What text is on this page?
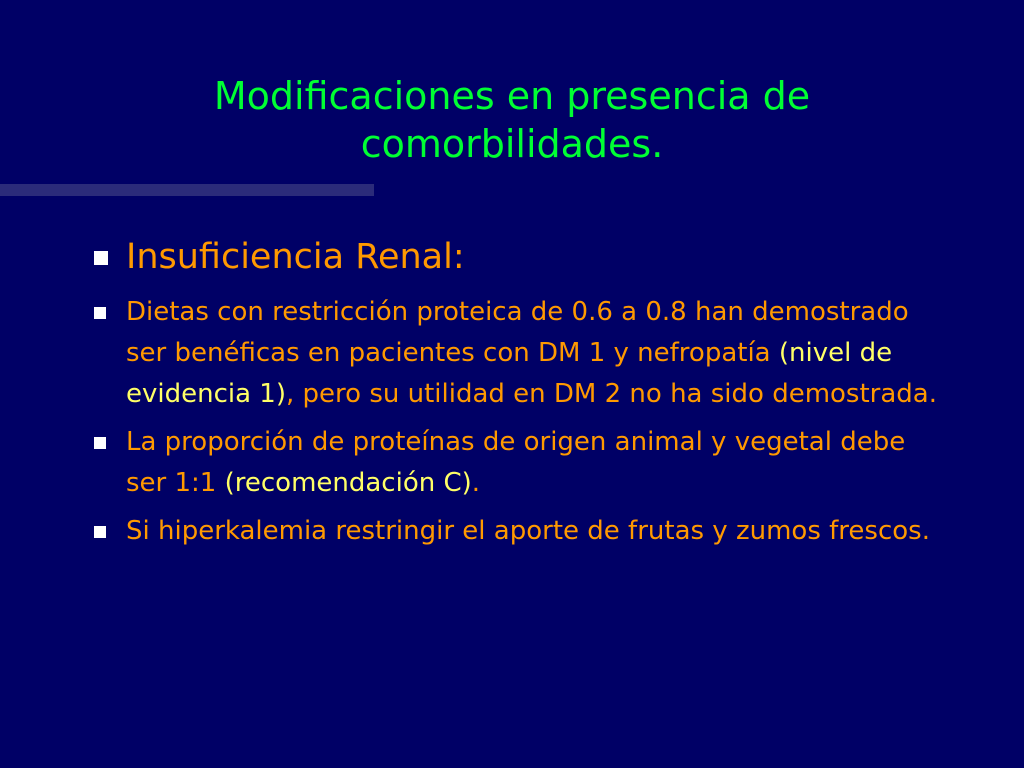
Modificaciones en presencia de
comorbilidades.
Insuficiencia Renal:
Dietas con restricción proteica de 0.6 a 0.8 han demostrado ser benéficas en pacientes con DM 1 y nefropatía (nivel de evidencia 1), pero su utilidad en DM 2 no ha sido demostrada.
La proporción de proteínas de origen animal y vegetal debe ser 1:1 (recomendación C).
Si hiperkalemia restringir el aporte de frutas y zumos frescos.
